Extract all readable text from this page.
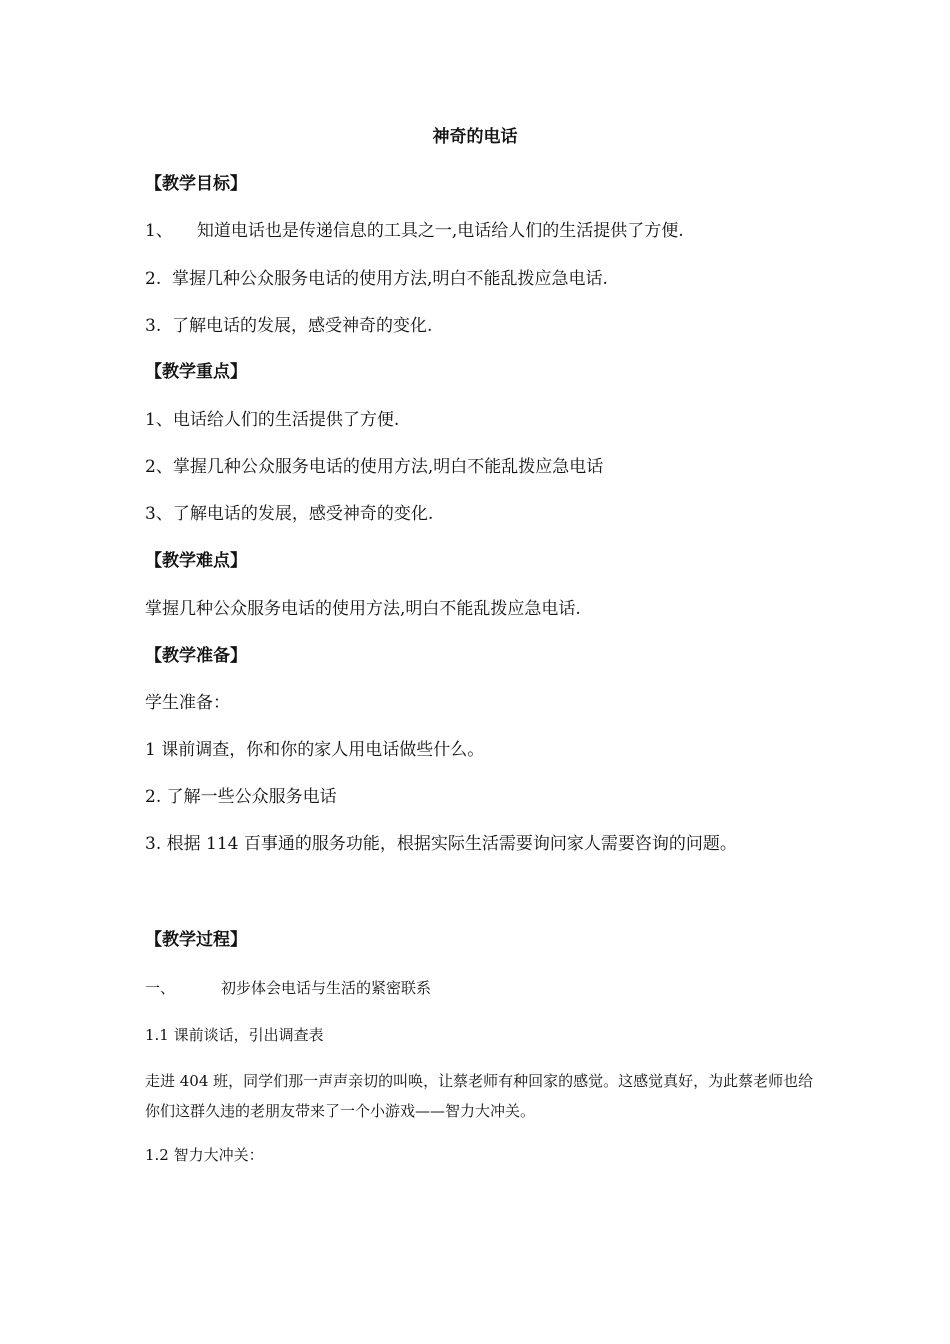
神奇的电话
【教学目标】
1、 知道电话也是传递信息的工具之一,电话给人们的生活提供了方便.
2. 掌握几种公众服务电话的使用方法,明白不能乱拨应急电话.
3. 了解电话的发展，感受神奇的变化.
【教学重点】
1、电话给人们的生活提供了方便.
2、掌握几种公众服务电话的使用方法,明白不能乱拨应急电话
3、了解电话的发展，感受神奇的变化.
【教学难点】
掌握几种公众服务电话的使用方法,明白不能乱拨应急电话.
【教学准备】
学生准备：
1 课前调查，你和你的家人用电话做些什么。
2. 了解一些公众服务电话
3. 根据 114 百事通的服务功能，根据实际生活需要询问家人需要咨询的问题。
【教学过程】
一、	初步体会电话与生活的紧密联系
1.1 课前谈话，引出调查表
走进 404 班，同学们那一声声亲切的叫唤，让蔡老师有种回家的感觉。这感觉真好，为此蔡老师也给你们这群久违的老朋友带来了一个小游戏——智力大冲关。
1.2 智力大冲关：
